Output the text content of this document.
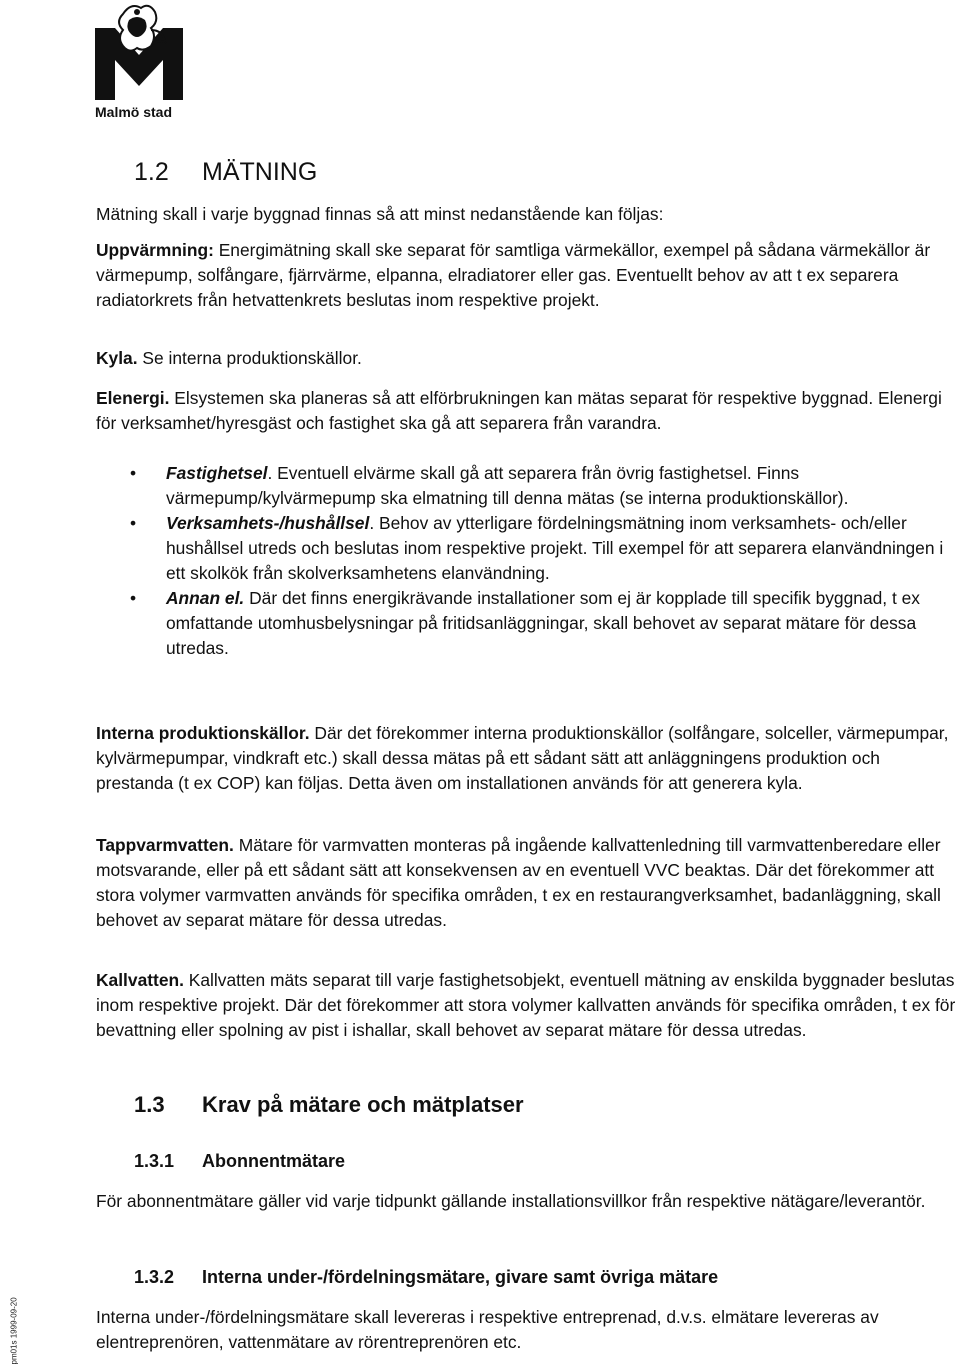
Malmö stad
1.2 MÄTNING
Mätning skall i varje byggnad finnas så att minst nedanstående kan följas:
Uppvärmning: Energimätning skall ske separat för samtliga värmekällor, exempel på sådana värmekällor är värmepump, solfångare, fjärrvärme, elpanna, elradiatorer eller gas. Eventuellt behov av att t ex separera radiatorkrets från hetvattenkrets beslutas inom respektive projekt.
Kyla. Se interna produktionskällor.
Elenergi. Elsystemen ska planeras så att elförbrukningen kan mätas separat för respektive byggnad. Elenergi för verksamhet/hyresgäst och fastighet ska gå att separera från varandra.
• Fastighetsel. Eventuell elvärme skall gå att separera från övrig fastighetsel. Finns värmepump/kylvärmepump ska elmatning till denna mätas (se interna produktionskällor).
• Verksamhets-/hushållsel. Behov av ytterligare fördelningsmätning inom verksamhets- och/eller hushållsel utreds och beslutas inom respektive projekt. Till exempel för att separera elanvändningen i ett skolkök från skolverksamhetens elanvändning.
• Annan el. Där det finns energikrävande installationer som ej är kopplade till specifik byggnad, t ex omfattande utomhusbelysningar på fritidsanläggningar, skall behovet av separat mätare för dessa utredas.
Interna produktionskällor. Där det förekommer interna produktionskällor (solfångare, solceller, värmepumpar, kylvärmepumpar, vindkraft etc.) skall dessa mätas på ett sådant sätt att anläggningens produktion och prestanda (t ex COP) kan följas. Detta även om installationen används för att generera kyla.
Tappvarmvatten. Mätare för varmvatten monteras på ingående kallvattenledning till varmvattenberedare eller motsvarande, eller på ett sådant sätt att konsekvensen av en eventuell VVC beaktas. Där det förekommer att stora volymer varmvatten används för specifika områden, t ex en restaurangverksamhet, badanläggning, skall behovet av separat mätare för dessa utredas.
Kallvatten. Kallvatten mäts separat till varje fastighetsobjekt, eventuell mätning av enskilda byggnader beslutas inom respektive projekt. Där det förekommer att stora volymer kallvatten används för specifika områden, t ex för bevattning eller spolning av pist i ishallar, skall behovet av separat mätare för dessa utredas.
1.3 Krav på mätare och mätplatser
1.3.1 Abonnentmätare
För abonnentmätare gäller vid varje tidpunkt gällande installationsvillkor från respektive nätägare/leverantör.
1.3.2 Interna under-/fördelningsmätare, givare samt övriga mätare
Interna under-/fördelningsmätare skall levereras i respektive entreprenad, d.v.s. elmätare levereras av elentreprenören, vattenmätare av rörentreprenören etc.
pm01s 1999-09-20
